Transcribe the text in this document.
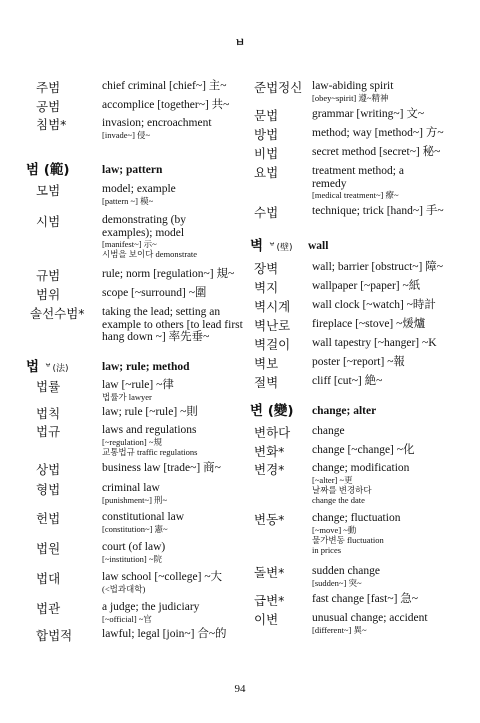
ㅂ
주범	chief criminal [chief~] 主~
공범	accomplice [together~] 共~
침범*	invasion; encroachment
[invade~] 侵~
범 (範)	law; pattern
모범	model; example
[pattern ~] 模~
시범	demonstrating (by examples); model
[manifest~] 示~
시범을 보이다 demonstrate
규범	rule; norm [regulation~] 規~
범위	scope [~surround] ~圍
솔선수범* taking the lead; setting an example to others [to lead first hang down ~] 率先垂~
법 ᄫ(法)	law; rule; method
법률	law [~rule] ~律
법률가 lawyer
법칙	law; rule [~rule] ~則
법규	laws and regulations
[~regulation] ~規
교통법규 traffic regulations
상법	business law [trade~] 商~
형법	criminal law
[punishment~] 刑~
헌법	constitutional law
[constitution~] 憲~
법원	court (of law)
[~institution] ~院
법대	law school [~college] ~大
(<법과대학)
법관	a judge; the judiciary
[~official] ~官
합법적	lawful; legal [join~] 合~的
준법정신 law-abiding spirit
[obey~spirit] 遵~精神
문법	grammar [writing~] 文~
방법	method; way [method~] 方~
비법	secret method [secret~] 秘~
요법	treatment method; a remedy
[medical treatment~] 療~
수법	technique; trick [hand~] 手~
벽 ᄫ(壁) wall
장벽	wall; barrier [obstruct~] 障~
벽지	wallpaper [~paper] ~紙
벽시계 wall clock [~watch] ~時計
벽난로 fireplace [~stove] ~煖爐
벽걸이 wall tapestry [~hanger] ~K
벽보	poster [~report] ~報
절벽	cliff [cut~] 絶~
변 (變) change; alter
변하다 change
변화* change [~change] ~化
변경* change; modification
[~alter] ~更
날짜를 변경하다
change the date
변동* change; fluctuation
[~move] ~動
물가변동 fluctuation
in prices
돌변* sudden change
[sudden~] 突~
급변* fast change [fast~] 急~
이변	unusual change; accident
[different~] 異~
94
